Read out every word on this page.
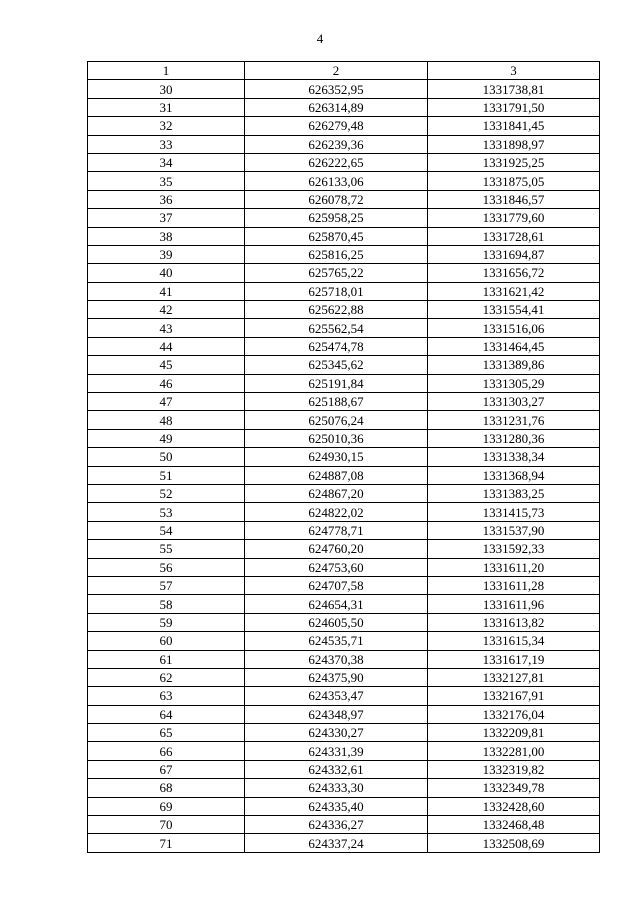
4
1	2	3
30	626352,95	1331738,81
31	626314,89	1331791,50
32	626279,48	1331841,45
33	626239,36	1331898,97
34	626222,65	1331925,25
35	626133,06	1331875,05
36	626078,72	1331846,57
37	625958,25	1331779,60
38	625870,45	1331728,61
39	625816,25	1331694,87
40	625765,22	1331656,72
41	625718,01	1331621,42
42	625622,88	1331554,41
43	625562,54	1331516,06
44	625474,78	1331464,45
45	625345,62	1331389,86
46	625191,84	1331305,29
47	625188,67	1331303,27
48	625076,24	1331231,76
49	625010,36	1331280,36
50	624930,15	1331338,34
51	624887,08	1331368,94
52	624867,20	1331383,25
53	624822,02	1331415,73
54	624778,71	1331537,90
55	624760,20	1331592,33
56	624753,60	1331611,20
57	624707,58	1331611,28
58	624654,31	1331611,96
59	624605,50	1331613,82
60	624535,71	1331615,34
61	624370,38	1331617,19
62	624375,90	1332127,81
63	624353,47	1332167,91
64	624348,97	1332176,04
65	624330,27	1332209,81
66	624331,39	1332281,00
67	624332,61	1332319,82
68	624333,30	1332349,78
69	624335,40	1332428,60
70	624336,27	1332468,48
71	624337,24	1332508,69
